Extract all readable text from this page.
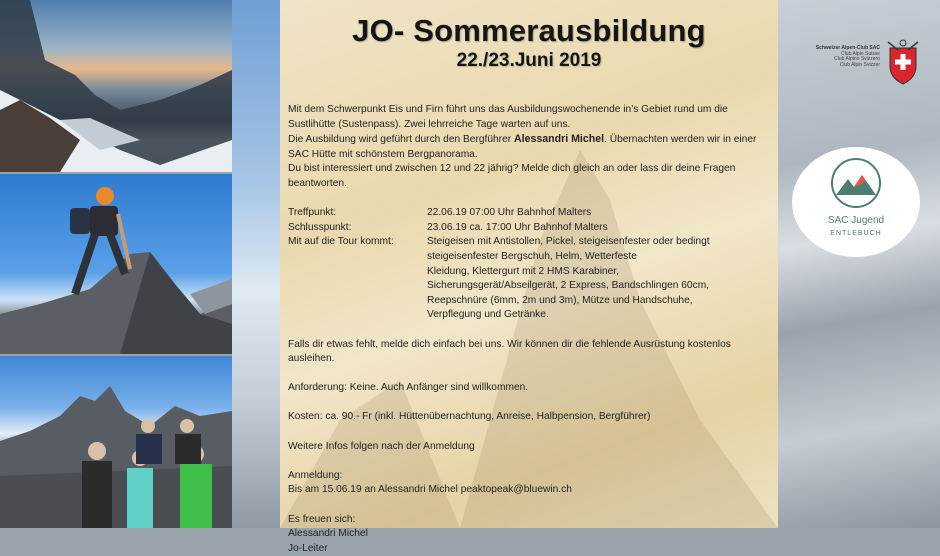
JO- Sommerausbildung
22./23.Juni 2019

Mit dem Schwerpunkt Eis und Firn führt uns das Ausbildungswochenende in’s Gebiet rund um die Sustlihütte (Sustenpass). Zwei lehrreiche Tage warten auf uns.

Die Ausbildung wird geführt durch den Bergführer Alessandri Michel. Übernachten werden wir in einer SAC Hütte mit schönstem Bergpanorama.

Du bist interessiert und zwischen 12 und 22 jährig? Melde dich gleich an oder lass dir deine Fragen beantworten.

Treffpunkt:	22.06.19 07:00 Uhr Bahnhof Malters
Schlusspunkt:	23.06.19 ca. 17:00 Uhr Bahnhof Malters
Mit auf die Tour kommt:	Steigeisen mit Antistollen, Pickel, steigeisenfester oder bedingt
steigeisenfester Bergschuh, Helm, Wetterfeste
Kleidung, Klettergurt mit 2 HMS Karabiner,
Sicherungsgerät/Abseilgerät, 2 Express, Bandschlingen 60cm,
Reepschnüre (6mm, 2m und 3m), Mütze und Handschuhe,
Verpflegung und Getränke.

Falls dir etwas fehlt, melde dich einfach bei uns. Wir können dir die fehlende Ausrüstung kostenlos ausleihen.

Anforderung: Keine. Auch Anfänger sind willkommen.

Kosten: ca. 90.- Fr (inkl. Hüttenübernachtung, Anreise, Halbpension, Bergführer)

Weitere Infos folgen nach der Anmeldung

Anmeldung:

Bis am 15.06.19 an Alessandri Michel peaktopeak@bluewin.ch

Es freuen sich:

Alessandri Michel

Jo-Leiter

Schweizer Alpen-Club SAC
Club Alpin Suisse
Club Alpino Svizzero
Club Alpin Svizzer
SAC Jugend
ENTLEBUCH
